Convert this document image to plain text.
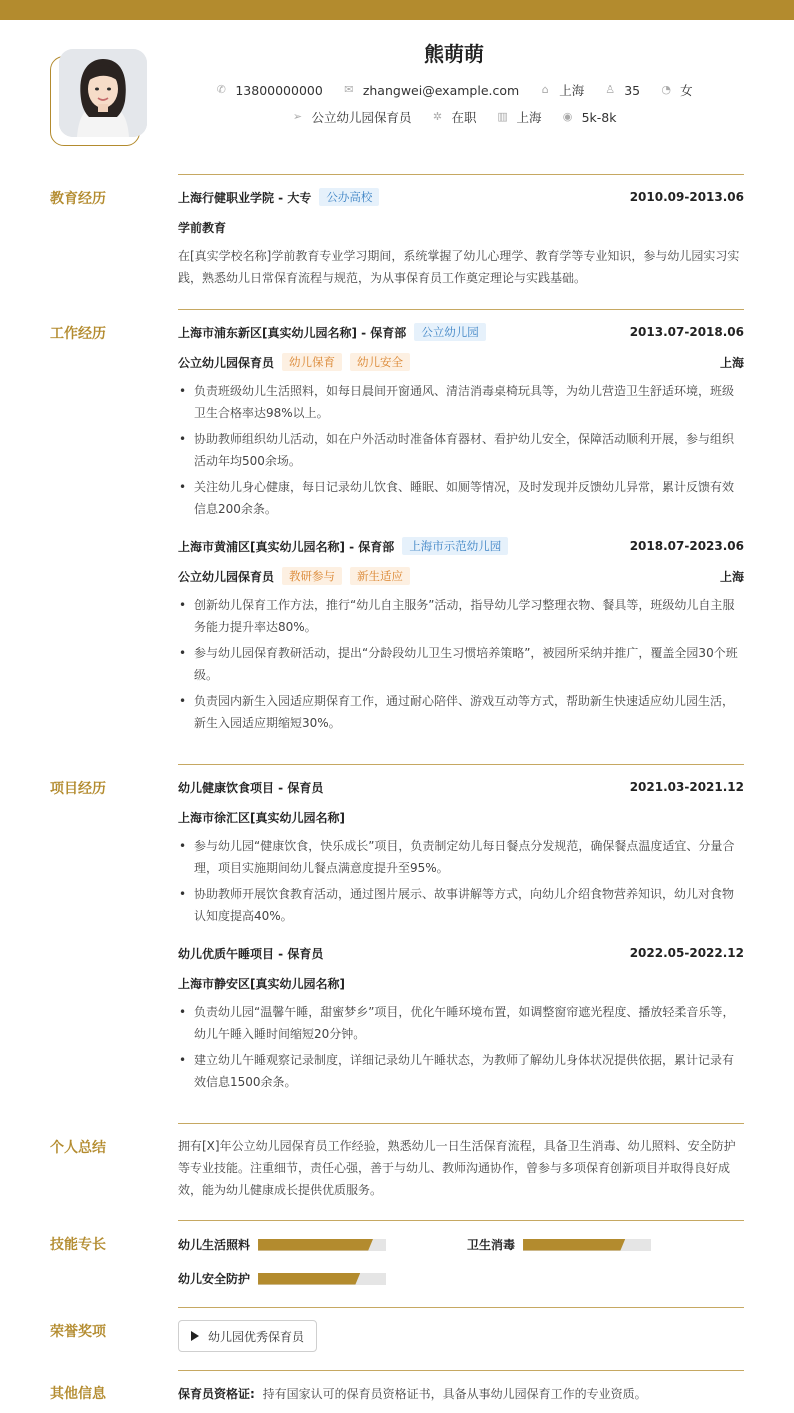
熊萌萌
✆ 13800000000 ✉ zhangwei@example.com ⌂ 上海 ♙ 35 ◔ 女
➢ 公立幼儿园保育员 ✲ 在职 ▥ 上海 ◉ 5k-8k
教育经历	上海行健职业学院 - 大专	公办高校	2010.09-2013.06
学前教育
在[真实学校名称]学前教育专业学习期间，系统掌握了幼儿心理学、教育学等专业知识，参与幼儿园实习实践，熟悉幼儿日常保育流程与规范，为从事保育员工作奠定理论与实践基础。
工作经历	上海市浦东新区[真实幼儿园名称] - 保育部	公立幼儿园	2013.07-2018.06
公立幼儿园保育员	幼儿保育	幼儿安全	上海
• 负责班级幼儿生活照料，如每日晨间开窗通风、清洁消毒桌椅玩具等，为幼儿营造卫生舒适环境，班级卫生合格率达98%以上。
• 协助教师组织幼儿活动，如在户外活动时准备体育器材、看护幼儿安全，保障活动顺利开展，参与组织活动年均500余场。
• 关注幼儿身心健康，每日记录幼儿饮食、睡眠、如厕等情况，及时发现并反馈幼儿异常，累计反馈有效信息200余条。
上海市黄浦区[真实幼儿园名称] - 保育部	上海市示范幼儿园	2018.07-2023.06
公立幼儿园保育员	教研参与	新生适应	上海
• 创新幼儿保育工作方法，推行“幼儿自主服务”活动，指导幼儿学习整理衣物、餐具等，班级幼儿自主服务能力提升率达80%。
• 参与幼儿园保育教研活动，提出“分龄段幼儿卫生习惯培养策略”，被园所采纳并推广，覆盖全园30个班级。
• 负责园内新生入园适应期保育工作，通过耐心陪伴、游戏互动等方式，帮助新生快速适应幼儿园生活，新生入园适应期缩短30%。
项目经历	幼儿健康饮食项目 - 保育员	2021.03-2021.12
上海市徐汇区[真实幼儿园名称]
• 参与幼儿园“健康饮食，快乐成长”项目，负责制定幼儿每日餐点分发规范，确保餐点温度适宜、分量合理，项目实施期间幼儿餐点满意度提升至95%。
• 协助教师开展饮食教育活动，通过图片展示、故事讲解等方式，向幼儿介绍食物营养知识，幼儿对食物认知度提高40%。
幼儿优质午睡项目 - 保育员	2022.05-2022.12
上海市静安区[真实幼儿园名称]
• 负责幼儿园“温馨午睡，甜蜜梦乡”项目，优化午睡环境布置，如调整窗帘遮光程度、播放轻柔音乐等，幼儿午睡入睡时间缩短20分钟。
• 建立幼儿午睡观察记录制度，详细记录幼儿午睡状态，为教师了解幼儿身体状况提供依据，累计记录有效信息1500余条。
个人总结	拥有[X]年公立幼儿园保育员工作经验，熟悉幼儿一日生活保育流程，具备卫生消毒、幼儿照料、安全防护等专业技能。注重细节，责任心强，善于与幼儿、教师沟通协作，曾参与多项保育创新项目并取得良好成效，能为幼儿健康成长提供优质服务。
技能专长	幼儿生活照料	卫生消毒
幼儿安全防护
荣誉奖项	幼儿园优秀保育员
其他信息	保育员资格证: 持有国家认可的保育员资格证书，具备从事幼儿园保育工作的专业资质。
